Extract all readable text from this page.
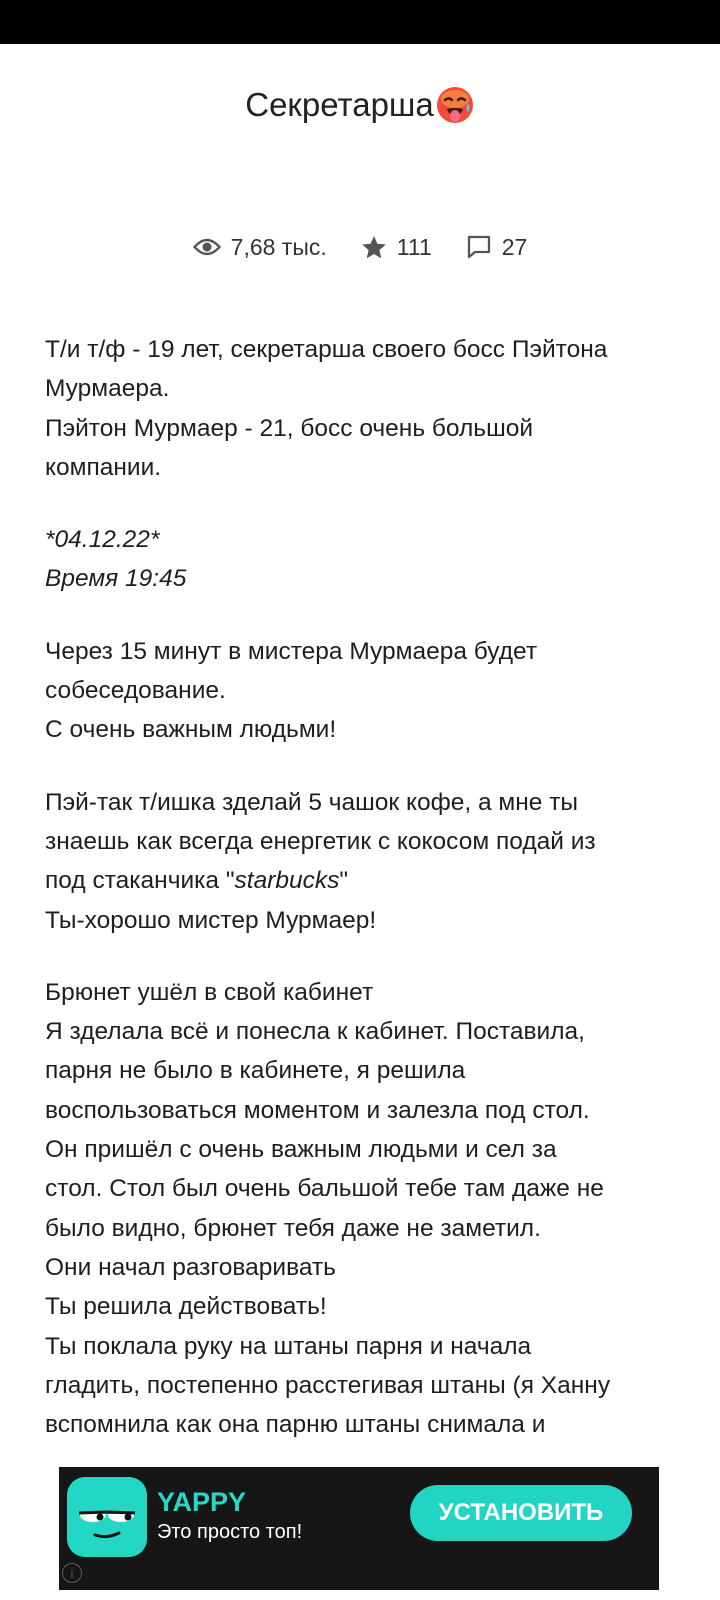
Секретарша
7,68 тыс.	111	27

Т/и т/ф - 19 лет, секретарша своего босс Пэйтона
Мурмаера.
Пэйтон Мурмаер - 21, босс очень большой
компании.

*04.12.22*
Время 19:45

Через 15 минут в мистера Мурмаера будет
собеседование.
С очень важным людьми!

Пэй-так т/ишка зделай 5 чашок кофе, а мне ты
знаешь как всегда енергетик с кокосом подай из
под стаканчика "starbucks"
Ты-хорошо мистер Мурмаер!

Брюнет ушёл в свой кабинет
Я зделала всё и понесла к кабинет. Поставила,
парня не было в кабинете, я решила
воспользоваться моментом и залезла под стол.
Он пришёл с очень важным людьми и сел за
стол. Стол был очень бальшой тебе там даже не
было видно, брюнет тебя даже не заметил.
Они начал разговаривать
Ты решила действовать!
Ты поклала руку на штаны парня и начала
гладить, постепенно расстегивая штаны (я Ханну
вспомнила как она парню штаны снимала и

YAPPY
Это просто топ!
УСТАНОВИТЬ
i
